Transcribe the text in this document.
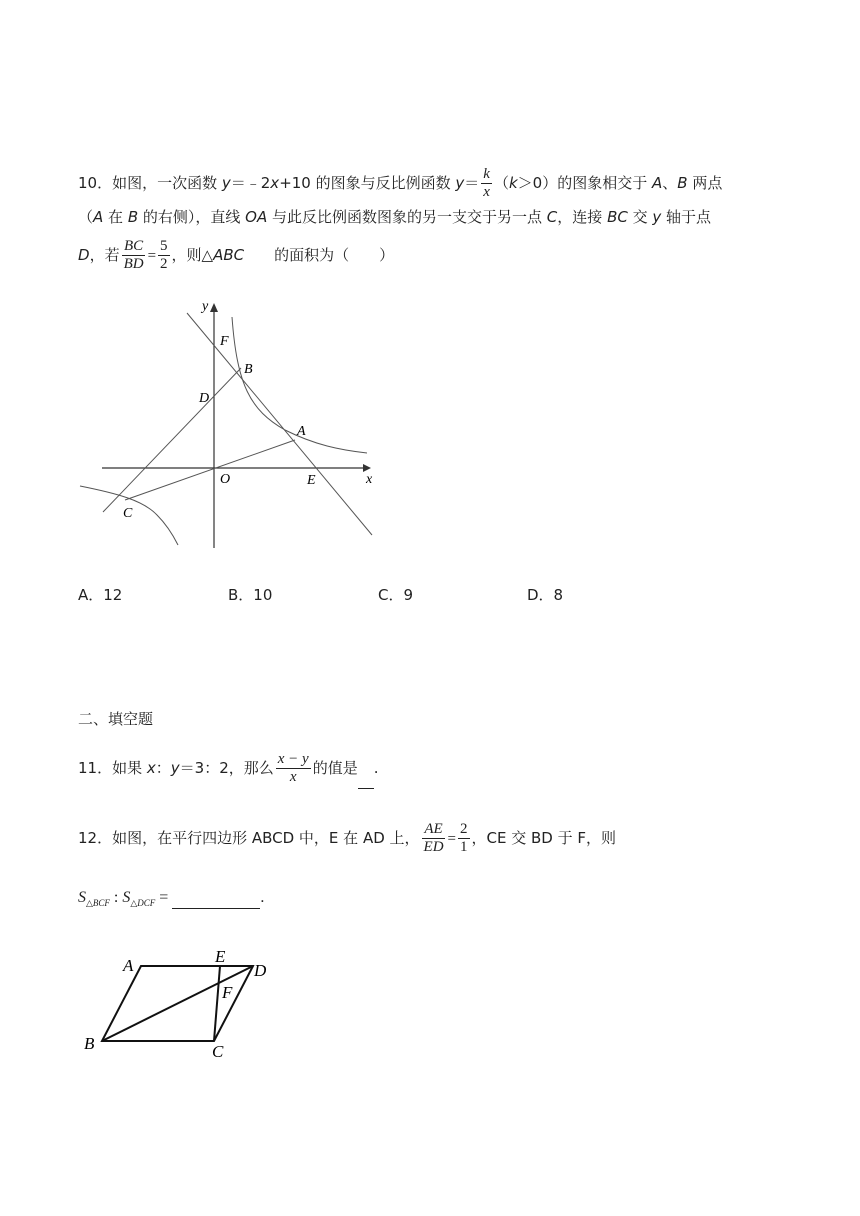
10．如图，一次函数 y＝﹣2x+10 的图象与反比例函数 $y= \frac{k}{x} (k>0)$的图象相交于 A、B 两点
（A 在 B 的右侧），直线 OA 与此反比例函数图象的另一支交于另一点 C，连接 BC 交 y 轴于点
D，若 $\frac{BC}{BD} = \frac{5}{2}$ ，则△ABC　　的面积为（　　）
y
x
O
F
B
D
A
E
C
A．12	B．10	C．9	D．8
二、填空题
11．如果 x：y＝3：2，那么 $\frac{x - y}{x}$ 的值是 .
12．如图，在平行四边形 ABCD 中，E 在 AD 上， $\frac{AE}{ED} = \frac{2}{1}$ ，CE 交 BD 于 F，则
$S_{\triangle BCF}$ : $S_{\triangle DCF}$ =	.
A	E
D
F
B	C
